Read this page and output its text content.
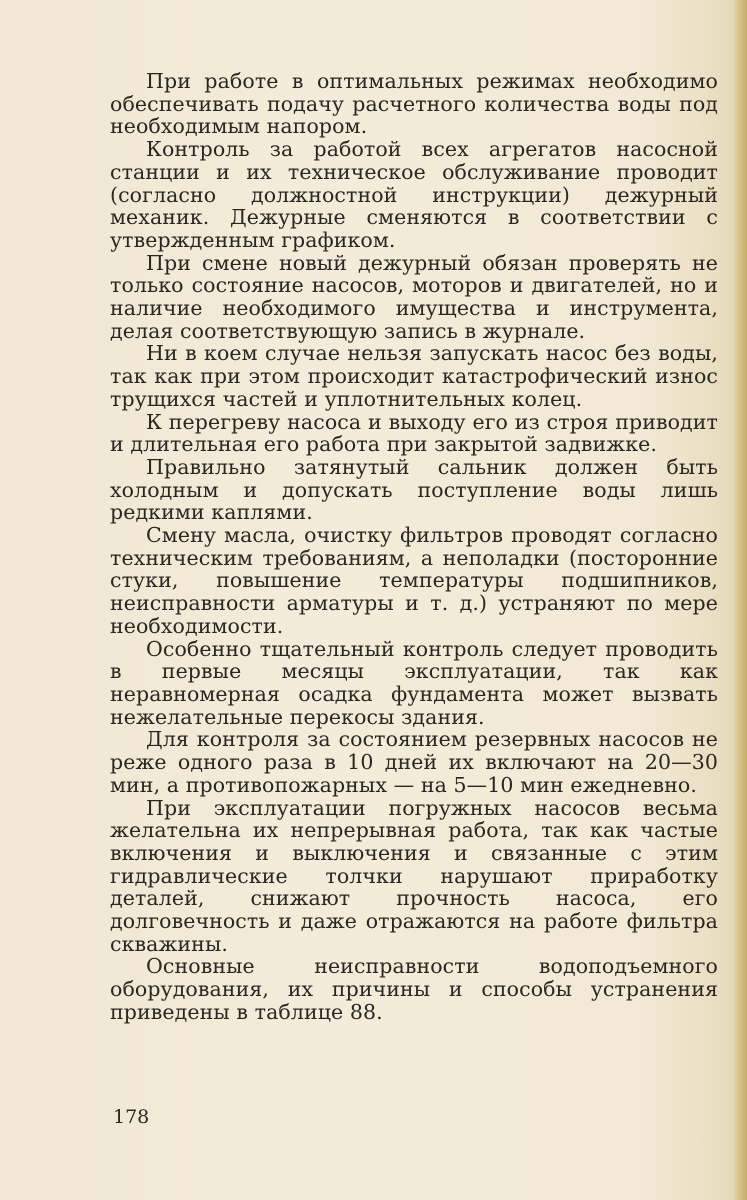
При работе в оптимальных режимах необходимо обеспечивать подачу расчетного количества воды под необходимым напором.

Контроль за работой всех агрегатов насосной станции и их техническое обслуживание проводит (согласно должностной инструкции) дежурный механик. Дежурные сменяются в соответствии с утвержденным графиком.

При смене новый дежурный обязан проверять не только состояние насосов, моторов и двигателей, но и наличие необходимого имущества и инструмента, делая соответствующую запись в журнале.

Ни в коем случае нельзя запускать насос без воды, так как при этом происходит катастрофический износ трущихся частей и уплотнительных колец.

К перегреву насоса и выходу его из строя приводит и длительная его работа при закрытой задвижке.

Правильно затянутый сальник должен быть холодным и допускать поступление воды лишь редкими каплями.

Смену масла, очистку фильтров проводят согласно техническим требованиям, а неполадки (посторонние стуки, повышение температуры подшипников, неисправности арматуры и т. д.) устраняют по мере необходимости.

Особенно тщательный контроль следует проводить в первые месяцы эксплуатации, так как неравномерная осадка фундамента может вызвать нежелательные перекосы здания.

Для контроля за состоянием резервных насосов не реже одного раза в 10 дней их включают на 20—30 мин, а противопожарных — на 5—10 мин ежедневно.

При эксплуатации погружных насосов весьма желательна их непрерывная работа, так как частые включения и выключения и связанные с этим гидравлические толчки нарушают приработку деталей, снижают прочность насоса, его долговечность и даже отражаются на работе фильтра скважины.

Основные неисправности водоподъемного оборудования, их причины и способы устранения приведены в таблице 88.

178
